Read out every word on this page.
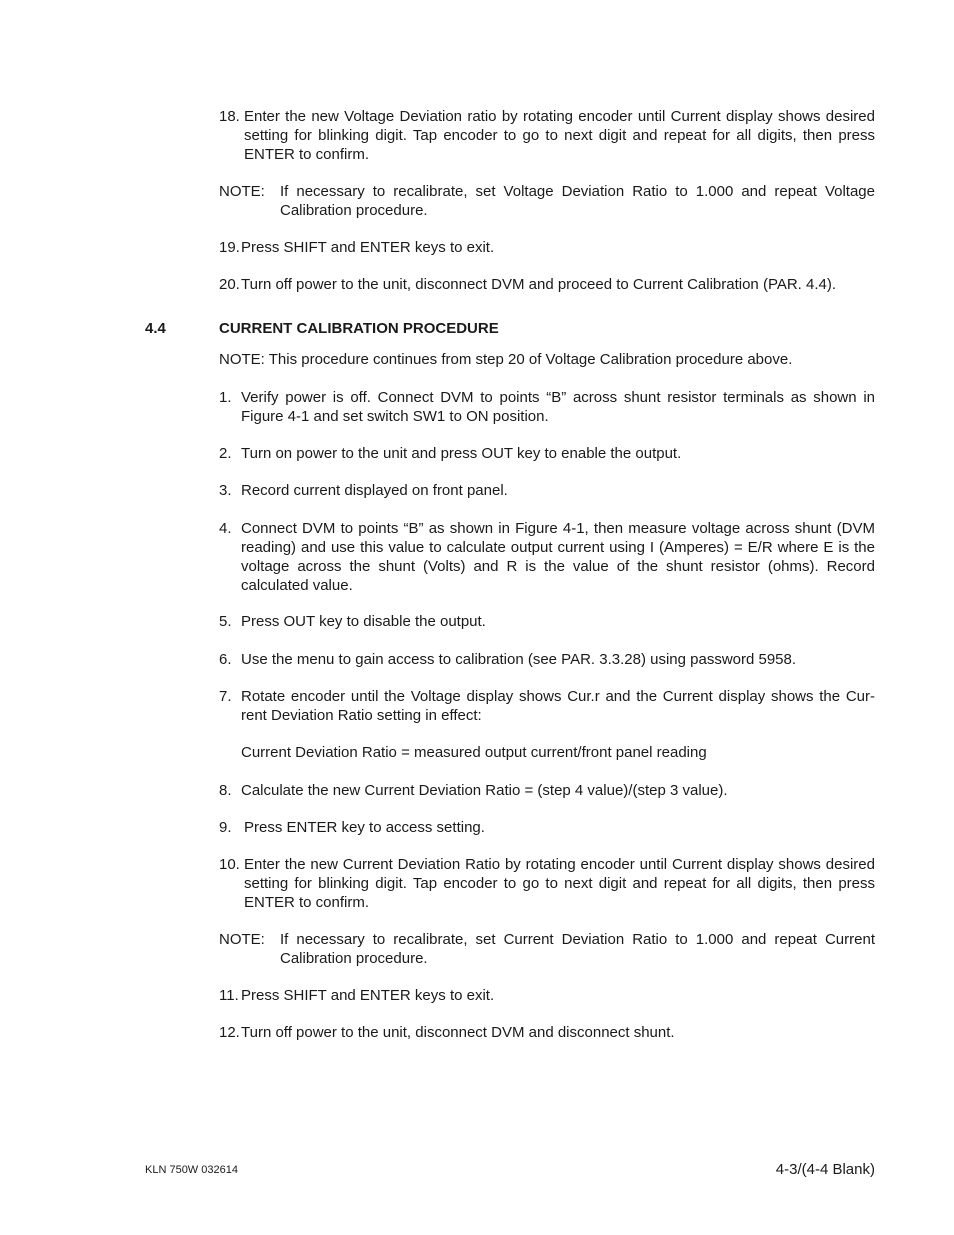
18. Enter the new Voltage Deviation ratio by rotating encoder until Current display shows desired setting for blinking digit. Tap encoder to go to next digit and repeat for all digits, then press ENTER to confirm.
NOTE: If necessary to recalibrate, set Voltage Deviation Ratio to 1.000 and repeat Voltage Calibration procedure.
19. Press SHIFT and ENTER keys to exit.
20. Turn off power to the unit, disconnect DVM and proceed to Current Calibration (PAR. 4.4).
4.4	CURRENT CALIBRATION PROCEDURE
NOTE: This procedure continues from step 20 of Voltage Calibration procedure above.
1. Verify power is off. Connect DVM to points “B” across shunt resistor terminals as shown in Figure 4-1 and set switch SW1 to ON position.
2. Turn on power to the unit and press OUT key to enable the output.
3. Record current displayed on front panel.
4. Connect DVM to points “B” as shown in Figure 4-1, then measure voltage across shunt (DVM reading) and use this value to calculate output current using I (Amperes) = E/R where E is the voltage across the shunt (Volts) and R is the value of the shunt resistor (ohms). Record calculated value.
5. Press OUT key to disable the output.
6. Use the menu to gain access to calibration (see PAR. 3.3.28) using password 5958.
7. Rotate encoder until the Voltage display shows Cur.r and the Current display shows the Cur-rent Deviation Ratio setting in effect:
Current Deviation Ratio = measured output current/front panel reading
8. Calculate the new Current Deviation Ratio = (step 4 value)/(step 3 value).
9. Press ENTER key to access setting.
10. Enter the new Current Deviation Ratio by rotating encoder until Current display shows desired setting for blinking digit. Tap encoder to go to next digit and repeat for all digits, then press ENTER to confirm.
NOTE: If necessary to recalibrate, set Current Deviation Ratio to 1.000 and repeat Current Calibration procedure.
11. Press SHIFT and ENTER keys to exit.
12. Turn off power to the unit, disconnect DVM and disconnect shunt.
KLN 750W 032614	4-3/(4-4 Blank)
